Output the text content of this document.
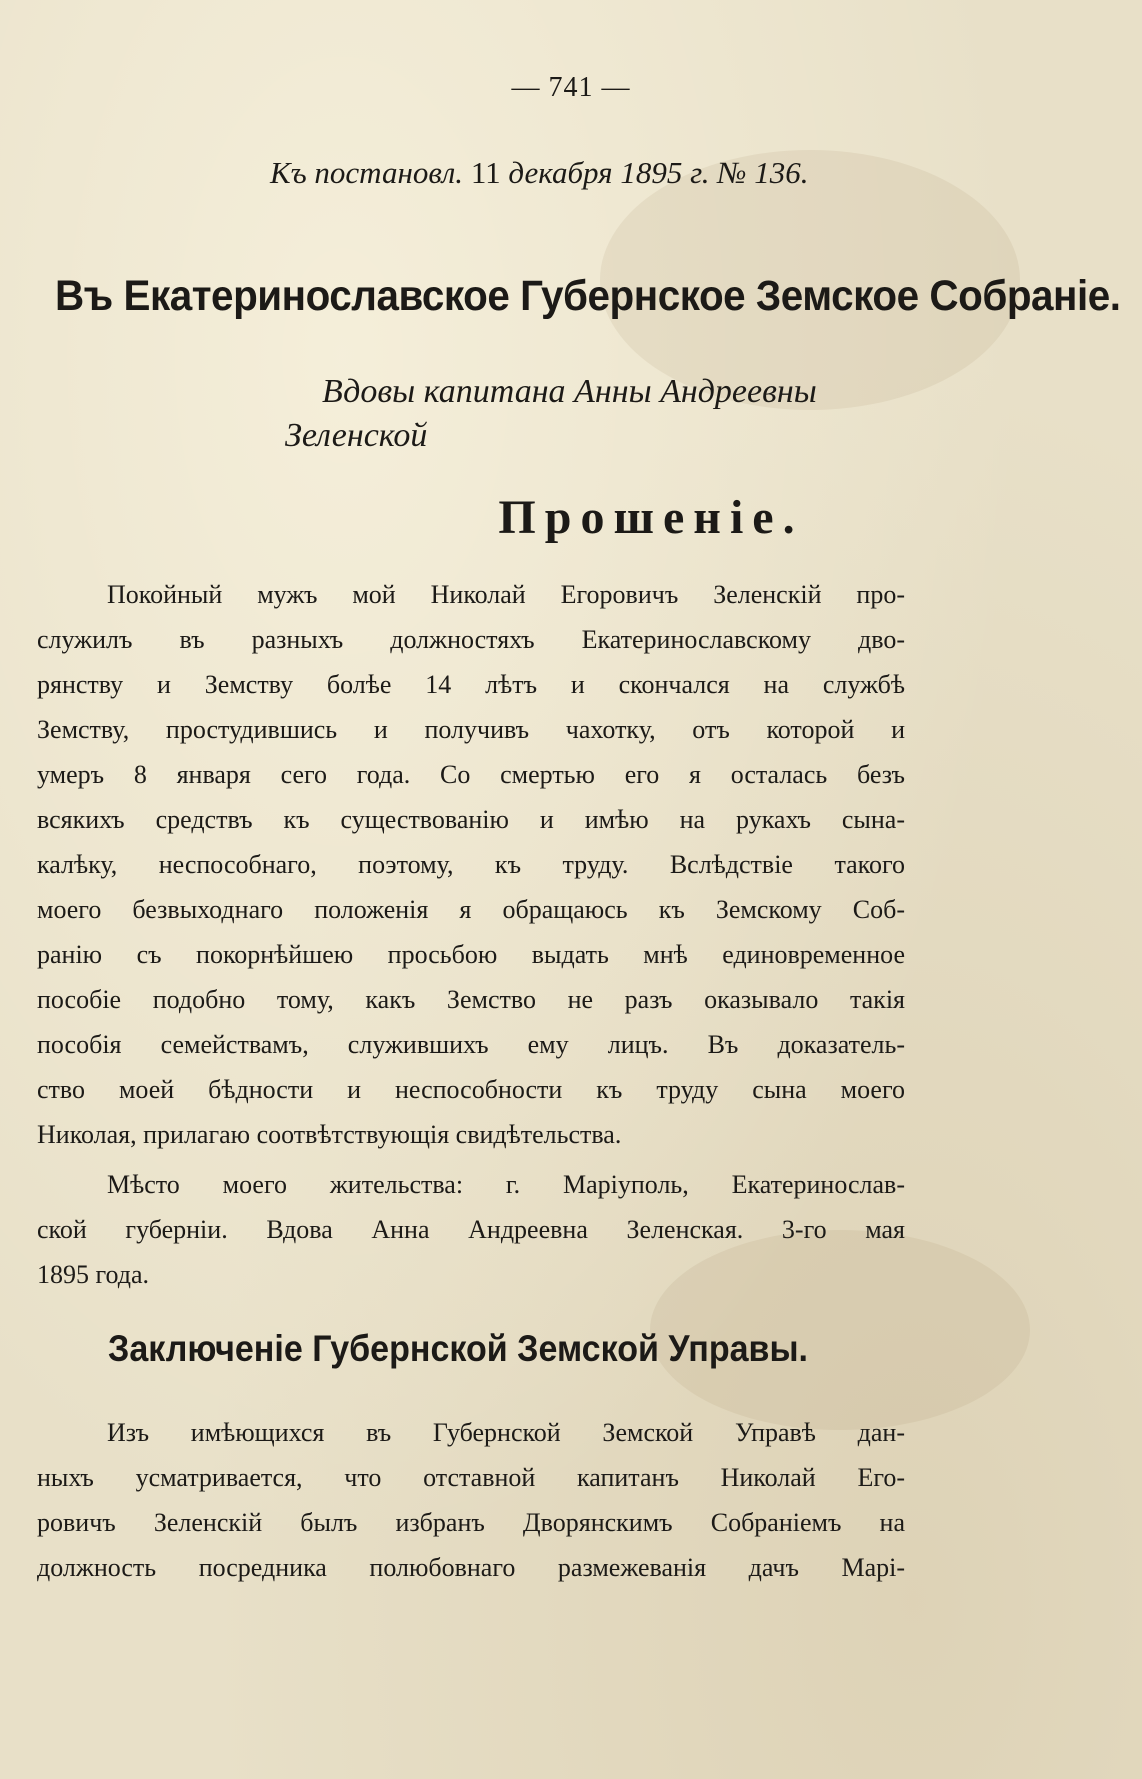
— 741 —
Къ постановл. 11 декабря 1895 г. № 136.
Въ Екатеринославское Губернское Земское Собраніе.
Вдовы капитана Анны Андреевны
Зеленской
Прошеніе.
Покойный мужъ мой Николай Егоровичъ Зеленскій про-
служилъ въ разныхъ должностяхъ Екатеринославскому дво-
рянству и Земству болѣе 14 лѣтъ и скончался на службѣ
Земству, простудившись и получивъ чахотку, отъ которой и
умеръ 8 января сего года. Со смертью его я осталась безъ
всякихъ средствъ къ существованію и имѣю на рукахъ сына-
калѣку, неспособнаго, поэтому, къ труду. Вслѣдствіе такого
моего безвыходнаго положенія я обращаюсь къ Земскому Соб-
ранію съ покорнѣйшею просьбою выдать мнѣ единовременное
пособіе подобно тому, какъ Земство не разъ оказывало такія
пособія семействамъ, служившихъ ему лицъ. Въ доказатель-
ство моей бѣдности и неспособности къ труду сына моего
Николая, прилагаю соотвѣтствующія свидѣтельства.
Мѣсто моего жительства: г. Маріуполь, Екатеринослав-
ской губерніи. Вдова Анна Андреевна Зеленская. 3-го мая
1895 года.
Заключеніе Губернской Земской Управы.
Изъ имѣющихся въ Губернской Земской Управѣ дан-
ныхъ усматривается, что отставной капитанъ Николай Его-
ровичъ Зеленскій былъ избранъ Дворянскимъ Собраніемъ на
должность посредника полюбовнаго размежеванія дачъ Марі-
